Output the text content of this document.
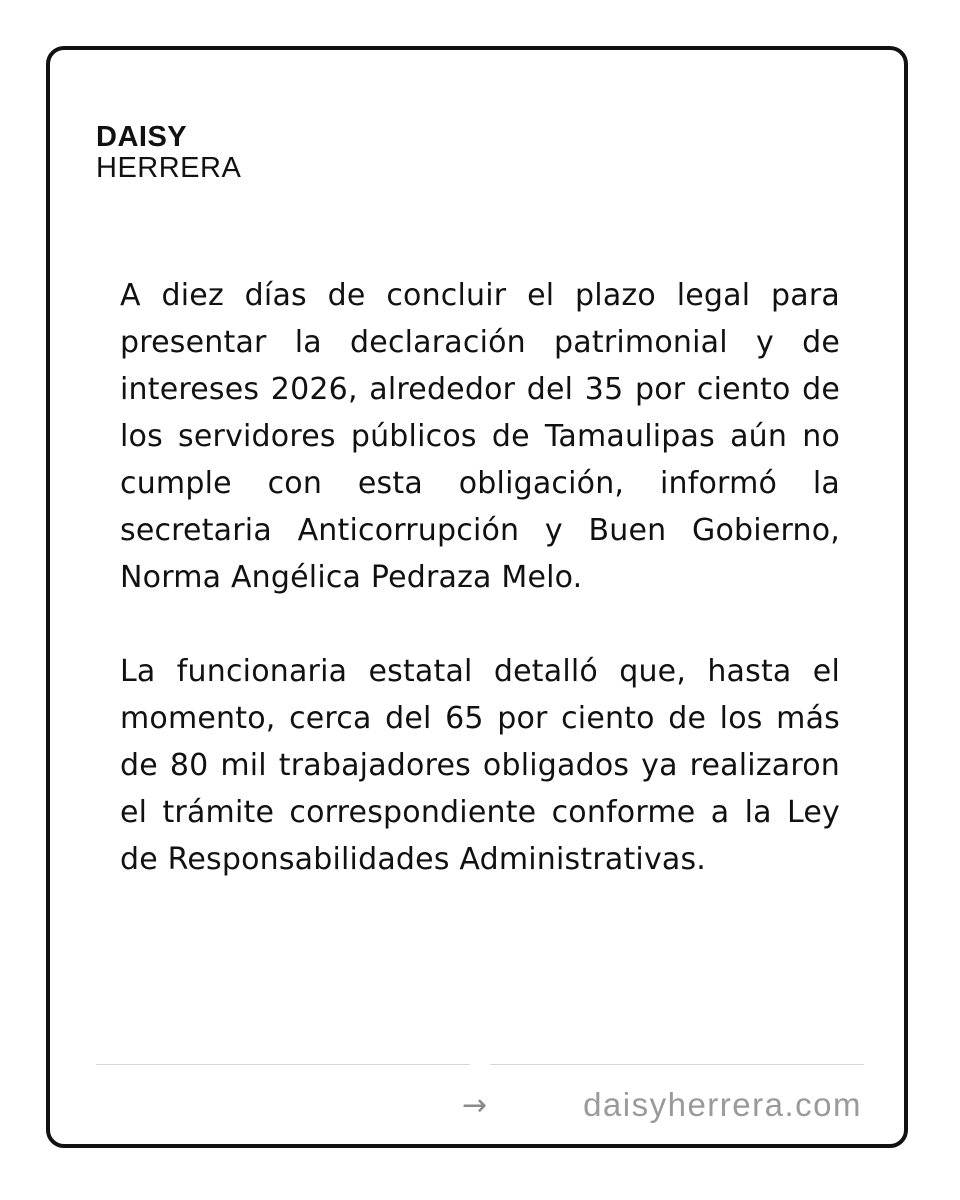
DAISY
HERRERA

A diez días de concluir el plazo legal para presentar la declaración patrimonial y de intereses 2026, alrededor del 35 por ciento de los servidores públicos de Tamaulipas aún no cumple con esta obligación, informó la secretaria Anticorrupción y Buen Gobierno, Norma Angélica Pedraza Melo.

La funcionaria estatal detalló que, hasta el momento, cerca del 65 por ciento de los más de 80 mil trabajadores obligados ya realizaron el trámite correspondiente conforme a la Ley de Responsabilidades Administrativas.

→	daisyherrera.com
